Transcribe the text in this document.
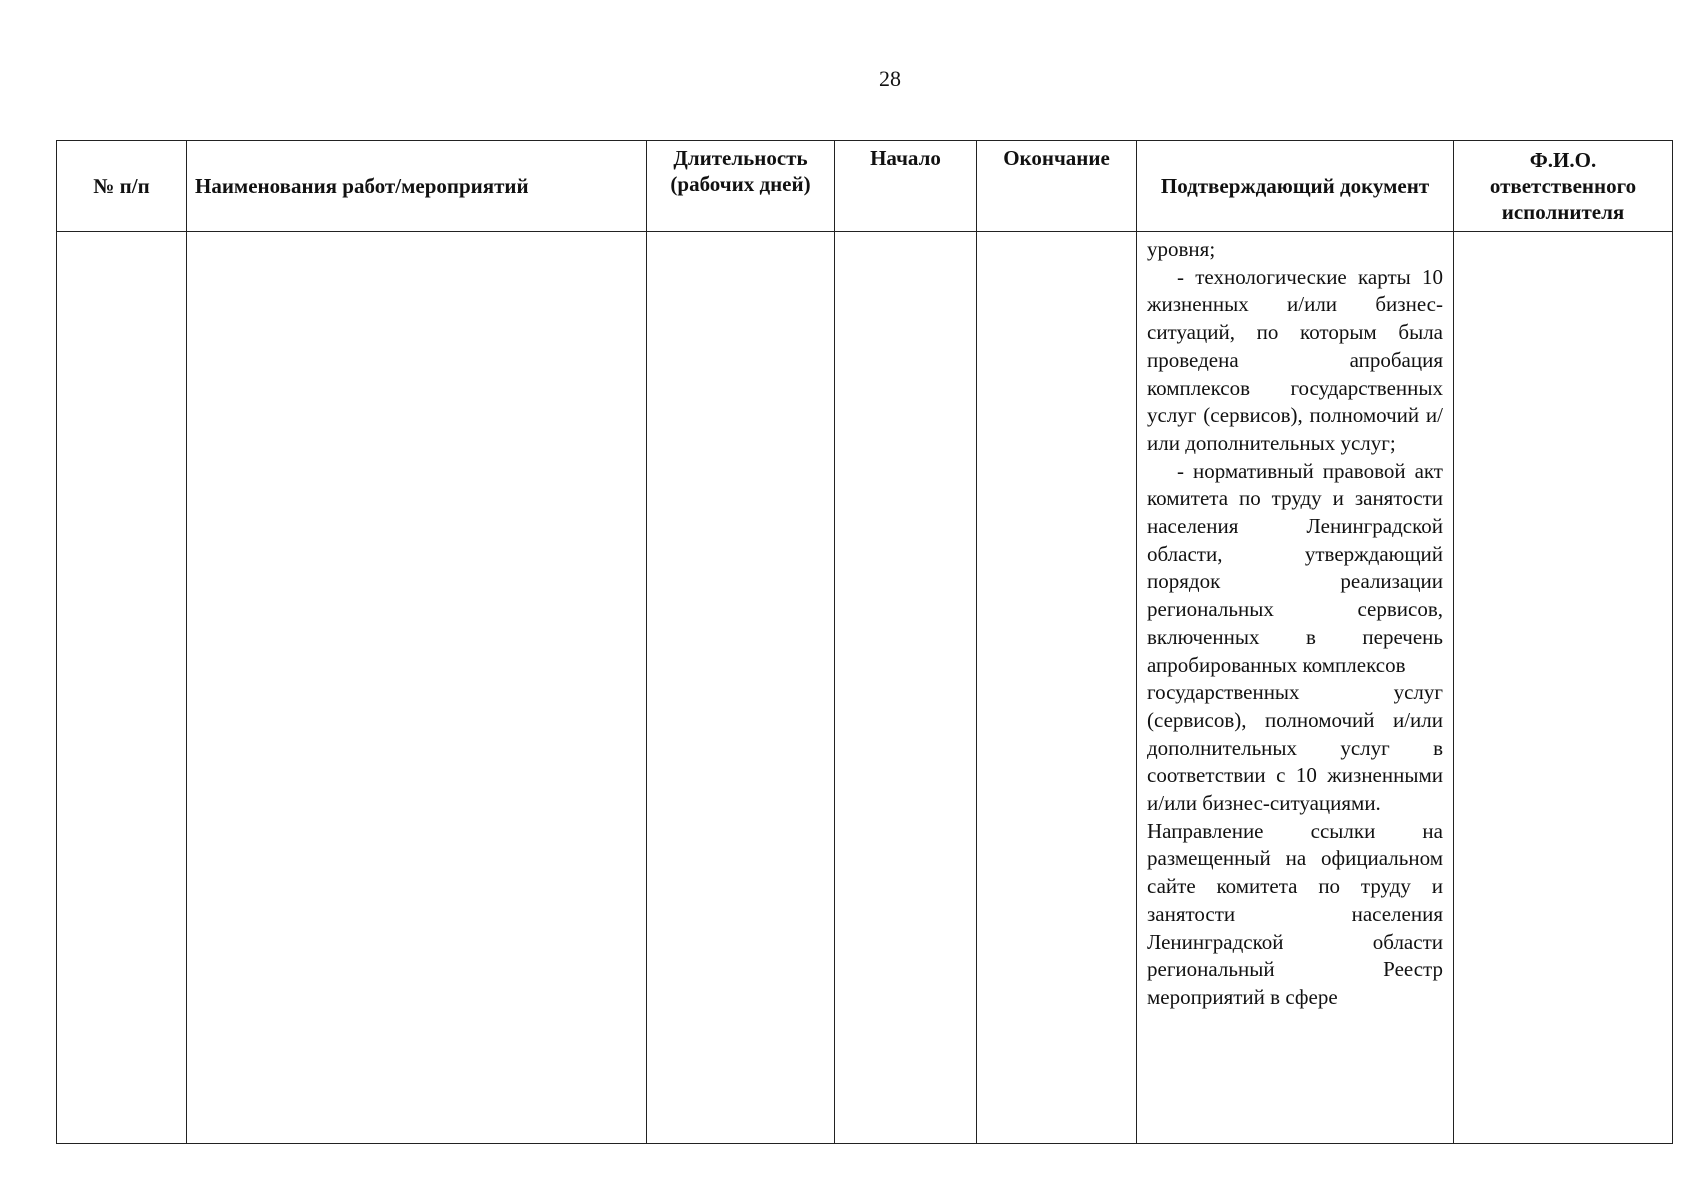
28
№ п/п	Наименования работ/мероприятий	Длительность (рабочих дней)	Начало	Окончание	Подтверждающий документ	Ф.И.О. ответственного исполнителя

					уровня;

- технологические карты 10 жизненных и/или бизнес-ситуаций, по которым была проведена апробация комплексов государственных услуг (сервисов), полномочий и/или дополнительных услуг;

- нормативный правовой акт комитета по труду и занятости населения Ленинградской области, утверждающий порядок реализации региональных сервисов, включенных в перечень апробированных комплексов

государственных услуг (сервисов), полномочий и/или дополнительных услуг в соответствии с 10 жизненными и/или бизнес-ситуациями.

Направление ссылки на размещенный на официальном сайте комитета по труду и занятости населения Ленинградской области региональный Реестр мероприятий в сфере	
